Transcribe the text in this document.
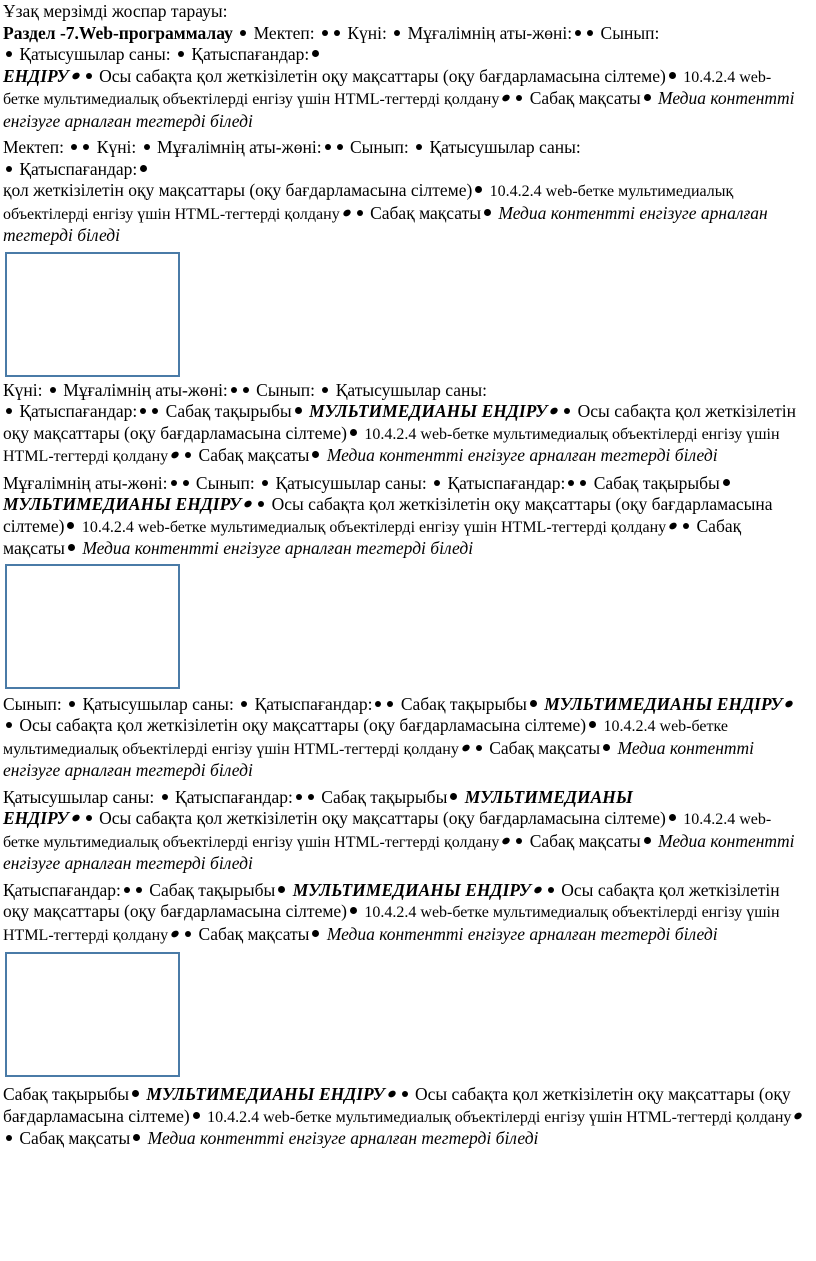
Ұзақ мерзімді жоспар тарауы:
Раздел -7.Web-программалау Мектеп: Күні: Мұғалімнің аты-жөні: Сынып:
Қатысушылар саны: Қатыспағандар:
ЕНДІРУ Осы сабақта қол жеткізілетін оқу мақсаттары (оқу бағдарламасына сілтеме) 10.4.2.4 web-бетке мультимедиалық объектілерді енгізу үшін HTML-тегтерді қолдану Сабақ мақсаты Медиа контентті енгізуге арналған тегтерді біледі
Мектеп: Күні: Мұғалімнің аты-жөні: Сынып: Қатысушылар саны:
Қатыспағандар:
қол жеткізілетін оқу мақсаттары (оқу бағдарламасына сілтеме) 10.4.2.4 web-бетке мультимедиалық объектілерді енгізу үшін HTML-тегтерді қолдану Сабақ мақсаты Медиа контентті енгізуге арналған тегтерді біледі
Күні: Мұғалімнің аты-жөні: Сынып: Қатысушылар саны:
Қатыспағандар: Сабақ тақырыбы МУЛЬТИМЕДИАНЫ ЕНДІРУ Осы сабақта қол жеткізілетін оқу мақсаттары (оқу бағдарламасына сілтеме) 10.4.2.4 web-бетке мультимедиалық объектілерді енгізу үшін HTML-тегтерді қолдану Сабақ мақсаты Медиа контентті енгізуге арналған тегтерді біледі
Мұғалімнің аты-жөні: Сынып: Қатысушылар саны: Қатыспағандар: Сабақ тақырыбы МУЛЬТИМЕДИАНЫ ЕНДІРУ Осы сабақта қол жеткізілетін оқу мақсаттары (оқу бағдарламасына сілтеме) 10.4.2.4 web-бетке мультимедиалық объектілерді енгізу үшін HTML-тегтерді қолдану Сабақ мақсаты Медиа контентті енгізуге арналған тегтерді біледі
Сынып: Қатысушылар саны: Қатыспағандар: Сабақ тақырыбы МУЛЬТИМЕДИАНЫ ЕНДІРУ Осы сабақта қол жеткізілетін оқу мақсаттары (оқу бағдарламасына сілтеме) 10.4.2.4 web-бетке мультимедиалық объектілерді енгізу үшін HTML-тегтерді қолдану Сабақ мақсаты Медиа контентті енгізуге арналған тегтерді біледі
Қатысушылар саны: Қатыспағандар: Сабақ тақырыбы МУЛЬТИМЕДИАНЫ
ЕНДІРУ Осы сабақта қол жеткізілетін оқу мақсаттары (оқу бағдарламасына сілтеме) 10.4.2.4 web-бетке мультимедиалық объектілерді енгізу үшін HTML-тегтерді қолдану Сабақ мақсаты Медиа контентті енгізуге арналған тегтерді біледі
Қатыспағандар: Сабақ тақырыбы МУЛЬТИМЕДИАНЫ ЕНДІРУ Осы сабақта қол жеткізілетін оқу мақсаттары (оқу бағдарламасына сілтеме) 10.4.2.4 web-бетке мультимедиалық объектілерді енгізу үшін HTML-тегтерді қолдану Сабақ мақсаты Медиа контентті енгізуге арналған тегтерді біледі
Сабақ тақырыбы МУЛЬТИМЕДИАНЫ ЕНДІРУ Осы сабақта қол жеткізілетін оқу мақсаттары (оқу бағдарламасына сілтеме) 10.4.2.4 web-бетке мультимедиалық объектілерді енгізу үшін HTML-тегтерді қолдану Сабақ мақсаты Медиа контентті енгізуге арналған тегтерді біледі
